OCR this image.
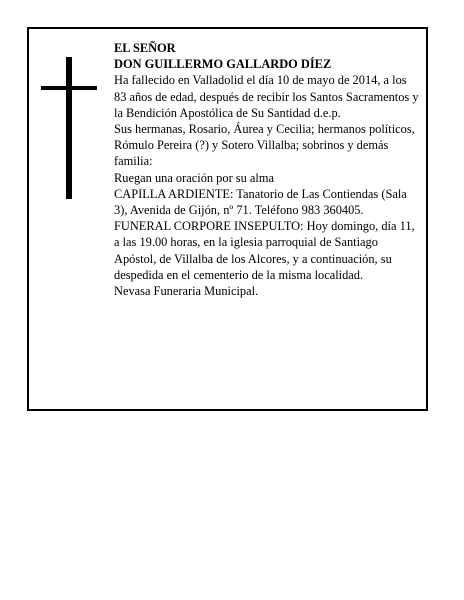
EL SEÑOR

DON GUILLERMO GALLARDO DÍEZ

Ha fallecido en Valladolid el día 10 de mayo de 2014, a los 83 años de edad, después de recibir los Santos Sacramentos y la Bendición Apostólica de Su Santidad d.e.p.

Sus hermanas, Rosario, Áurea y Cecilia; hermanos políticos, Rómulo Pereira (?) y Sotero Villalba; sobrinos y demás familia:

Ruegan una oración por su alma

CAPILLA ARDIENTE: Tanatorio de Las Contiendas (Sala 3), Avenida de Gijón, nº 71. Teléfono 983 360405.

FUNERAL CORPORE INSEPULTO: Hoy domingo, día 11, a las 19.00 horas, en la iglesia parroquial de Santiago Apóstol, de Villalba de los Alcores, y a continuación, su despedida en el cementerio de la misma localidad.

Nevasa Funeraria Municipal.
